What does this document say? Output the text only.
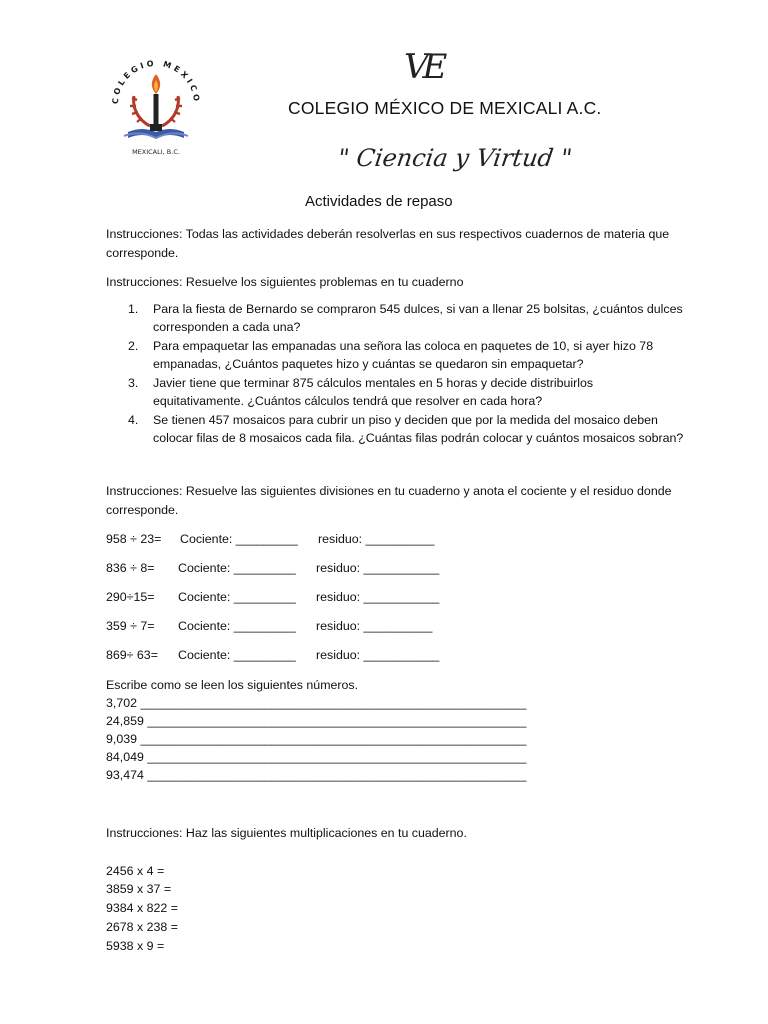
COLEGIO MEXICO
MEXICALI, B.C.
VE
COLEGIO MÉXICO DE MEXICALI A.C.
" Ciencia y Virtud "
Actividades de repaso
Instrucciones: Todas las actividades deberán resolverlas en sus respectivos cuadernos de materia que corresponde.
Instrucciones: Resuelve los siguientes problemas en tu cuaderno
1. Para la fiesta de Bernardo se compraron 545 dulces, si van a llenar 25 bolsitas, ¿cuántos dulces corresponden a cada una?
2. Para empaquetar las empanadas una señora las coloca en paquetes de 10, si ayer hizo 78 empanadas, ¿Cuántos paquetes hizo y cuántas se quedaron sin empaquetar?
3. Javier tiene que terminar 875 cálculos mentales en 5 horas y decide distribuirlos equitativamente. ¿Cuántos cálculos tendrá que resolver en cada hora?
4. Se tienen 457 mosaicos para cubrir un piso y deciden que por la medida del mosaico deben colocar filas de 8 mosaicos cada fila. ¿Cuántas filas podrán colocar y cuántos mosaicos sobran?
Instrucciones: Resuelve las siguientes divisiones en tu cuaderno y anota el cociente y el residuo donde corresponde.
958 ÷ 23= Cociente: _________ residuo: __________
836 ÷ 8= Cociente: _________ residuo: ___________
290÷15= Cociente: _________ residuo: ___________
359 ÷ 7= Cociente: _________ residuo: __________
869÷ 63= Cociente: _________ residuo: ___________
Escribe como se leen los siguientes números.
3,702 ________________________________________________________
24,859 _______________________________________________________
9,039 ________________________________________________________
84,049 _______________________________________________________
93,474 _______________________________________________________
Instrucciones: Haz las siguientes multiplicaciones en tu cuaderno.
2456 x 4 =
3859 x 37 =
9384 x 822 =
2678 x 238 =
5938 x 9 =
